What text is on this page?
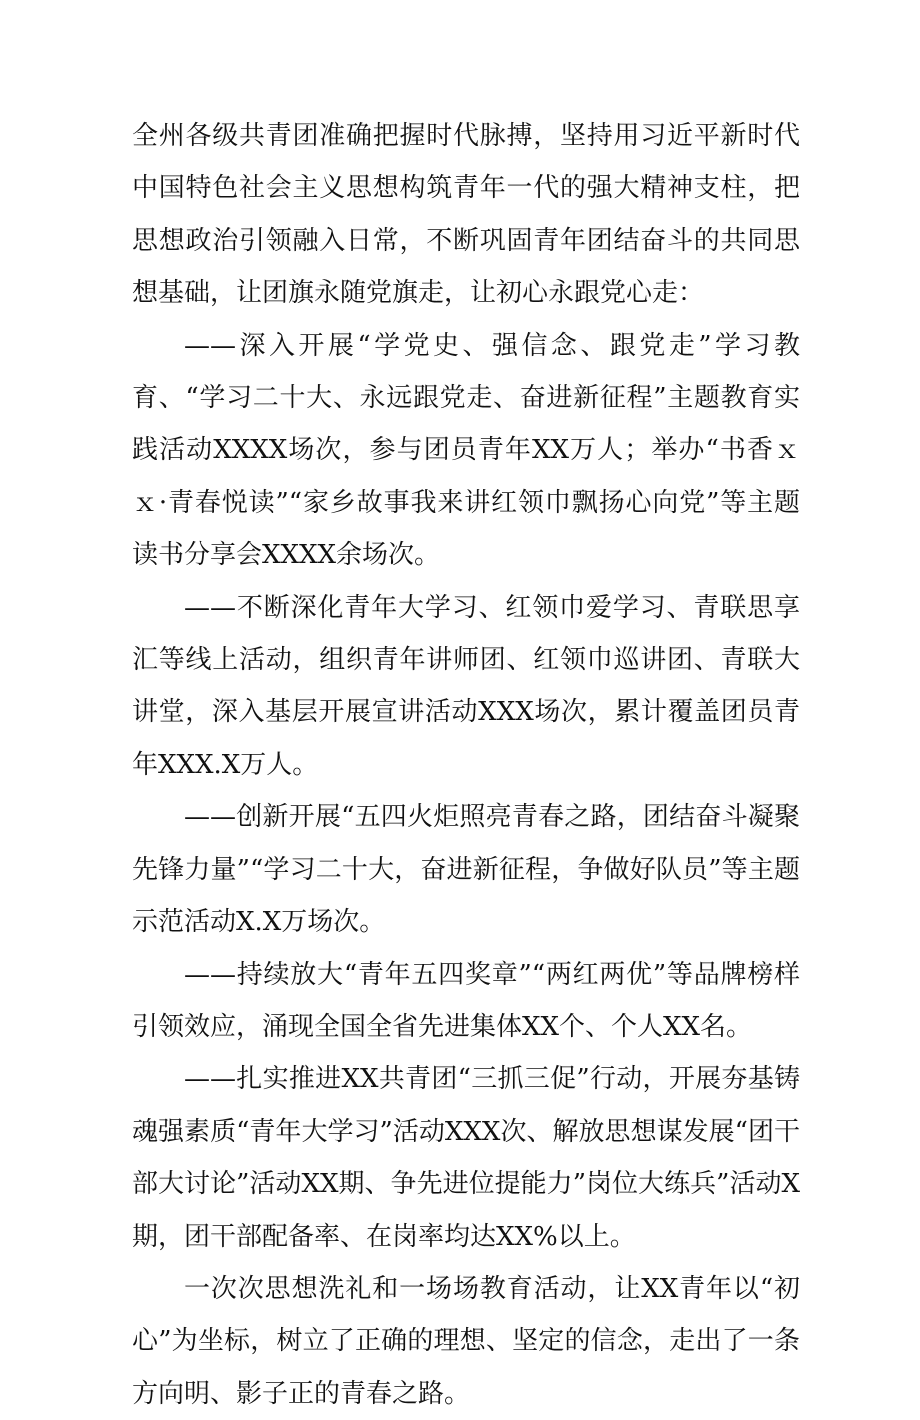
全州各级共青团准确把握时代脉搏，坚持用习近平新时代中国特色社会主义思想构筑青年一代的强大精神支柱，把思想政治引领融入日常，不断巩固青年团结奋斗的共同思想基础，让团旗永随党旗走，让初心永跟党心走：

——深入开展“学党史、强信念、跟党走”学习教育、“学习二十大、永远跟党走、奋进新征程”主题教育实践活动XXXX场次，参与团员青年XX万人；举办“书香ｘｘ·青春悦读”“家乡故事我来讲红领巾飘扬心向党”等主题读书分享会XXXX余场次。

——不断深化青年大学习、红领巾爱学习、青联思享汇等线上活动，组织青年讲师团、红领巾巡讲团、青联大讲堂，深入基层开展宣讲活动XXX场次，累计覆盖团员青年XXX.X万人。

——创新开展“五四火炬照亮青春之路，团结奋斗凝聚先锋力量”“学习二十大，奋进新征程，争做好队员”等主题示范活动X.X万场次。

——持续放大“青年五四奖章”“两红两优”等品牌榜样引领效应，涌现全国全省先进集体XX个、个人XX名。

——扎实推进XX共青团“三抓三促”行动，开展夯基铸魂强素质“青年大学习”活动XXX次、解放思想谋发展“团干部大讨论”活动XX期、争先进位提能力”岗位大练兵”活动X期，团干部配备率、在岗率均达XX%以上。

一次次思想洗礼和一场场教育活动，让XX青年以“初心”为坐标，树立了正确的理想、坚定的信念，走出了一条方向明、影子正的青春之路。
